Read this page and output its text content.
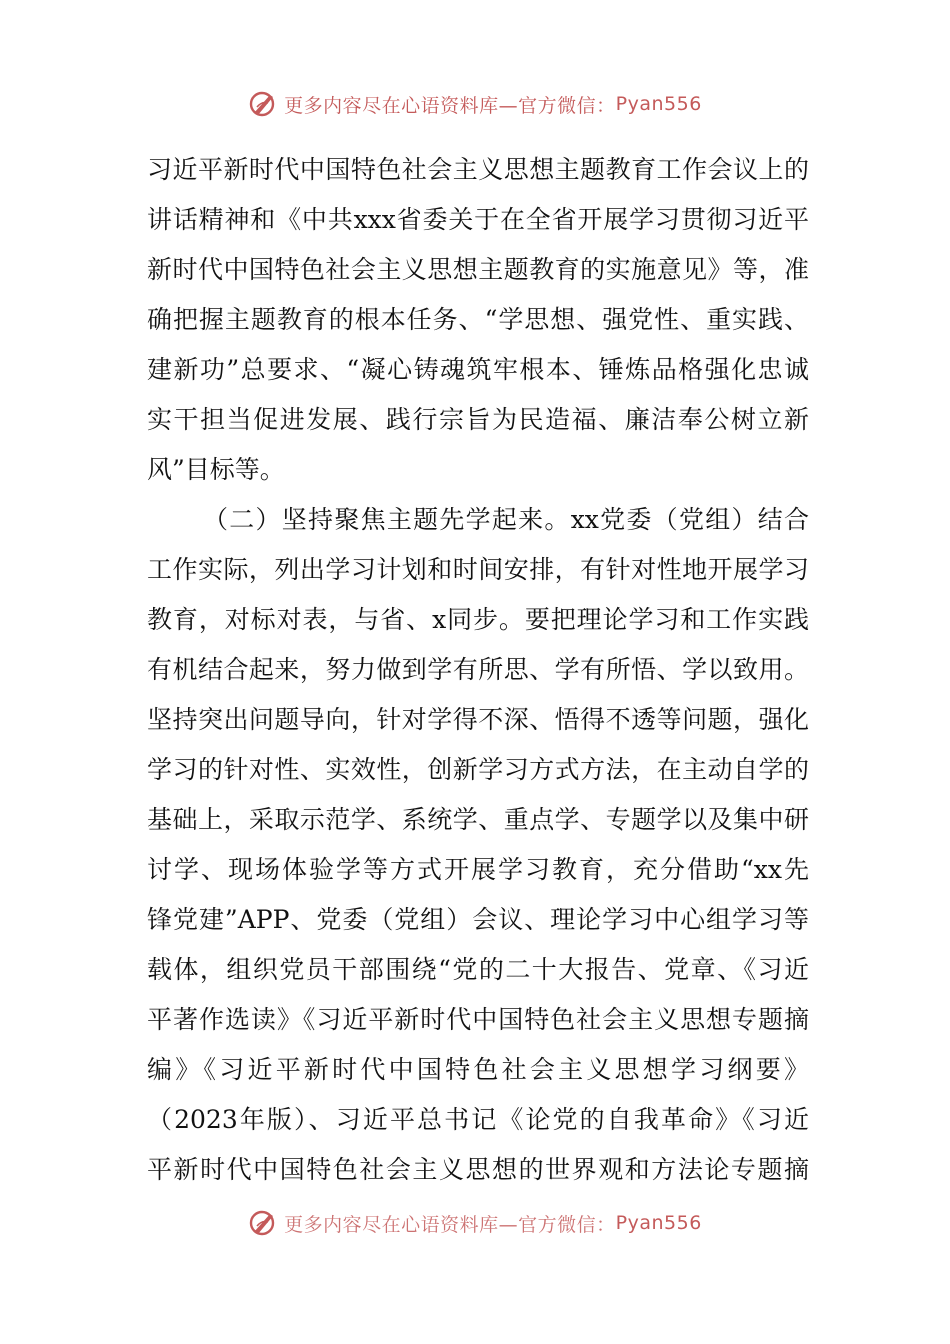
更多内容尽在心语资料库—官方微信： Pyan556
习近平新时代中国特色社会主义思想主题教育工作会议上的
讲话精神和《中共xxx省委关于在全省开展学习贯彻习近平
新时代中国特色社会主义思想主题教育的实施意见》等，准
确把握主题教育的根本任务、“学思想、强党性、重实践、
建新功”总要求、“凝心铸魂筑牢根本、锤炼品格强化忠诚
实干担当促进发展、践行宗旨为民造福、廉洁奉公树立新
风”目标等。
（二）坚持聚焦主题先学起来。xx党委（党组）结合
工作实际，列出学习计划和时间安排，有针对性地开展学习
教育，对标对表，与省、x同步。要把理论学习和工作实践
有机结合起来，努力做到学有所思、学有所悟、学以致用。
坚持突出问题导向，针对学得不深、悟得不透等问题，强化
学习的针对性、实效性，创新学习方式方法，在主动自学的
基础上，采取示范学、系统学、重点学、专题学以及集中研
讨学、现场体验学等方式开展学习教育，充分借助“xx先
锋党建”APP、党委（党组）会议、理论学习中心组学习等
载体，组织党员干部围绕“党的二十大报告、党章、《习近
平著作选读》《习近平新时代中国特色社会主义思想专题摘
编》《习近平新时代中国特色社会主义思想学习纲要》
（2023年版）、习近平总书记《论党的自我革命》《习近
平新时代中国特色社会主义思想的世界观和方法论专题摘
更多内容尽在心语资料库—官方微信： Pyan556
